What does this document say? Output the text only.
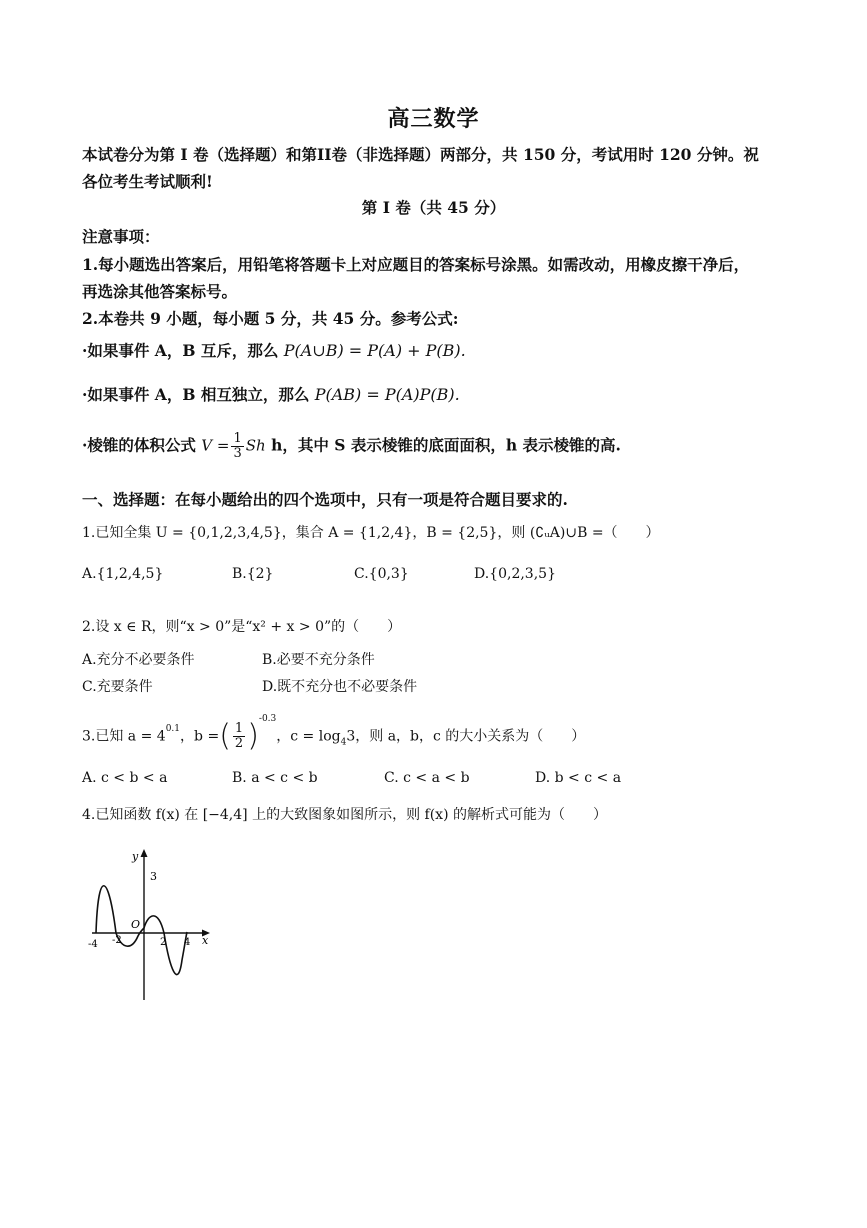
高三数学
本试卷分为第 I 卷（选择题）和第II卷（非选择题）两部分，共 150 分，考试用时 120 分钟。祝
各位考生考试顺利!
第 I 卷（共 45 分）
注意事项：
1.每小题选出答案后，用铅笔将答题卡上对应题目的答案标号涂黑。如需改动，用橡皮擦干净后，
再选涂其他答案标号。
2.本卷共 9 小题，每小题 5 分，共 45 分。参考公式:
·如果事件 A，B 互斥，那么 P(A∪B) = P(A) + P(B).
·如果事件 A，B 相互独立，那么 P(AB) = P(A)P(B).
·棱锥的体积公式 $V = \frac{1}{3}$ Sh h，其中 S 表示棱锥的底面面积，h 表示棱锥的高.
一、选择题：在每小题给出的四个选项中，只有一项是符合题目要求的.
1.已知全集 U = {0,1,2,3,4,5}，集合 A = {1,2,4}，B = {2,5}，则 (∁ᵤA)∪B =（　　）
A.{1,2,4,5}	B.{2}	C.{0,3}	D.{0,2,3,5}
2.设 x ∈ R，则“x > 0”是“x² + x > 0”的（　　）
A.充分不必要条件	B.必要不充分条件
C.充要条件	D.既不充分也不必要条件
3.已知 $a = 4^{0.1}$，b =( $\frac{1}{2} )^{-0.3}$，$c = \log_43$，则 a，b，c 的大小关系为（　　）
A. c < b < a	B. a < c < b	C. c < a < b	D. b < c < a
4.已知函数 f(x) 在 [−4,4] 上的大致图象如图所示，则 f(x) 的解析式可能为（　　）
y
x
3
O
-4 -2	2 4
